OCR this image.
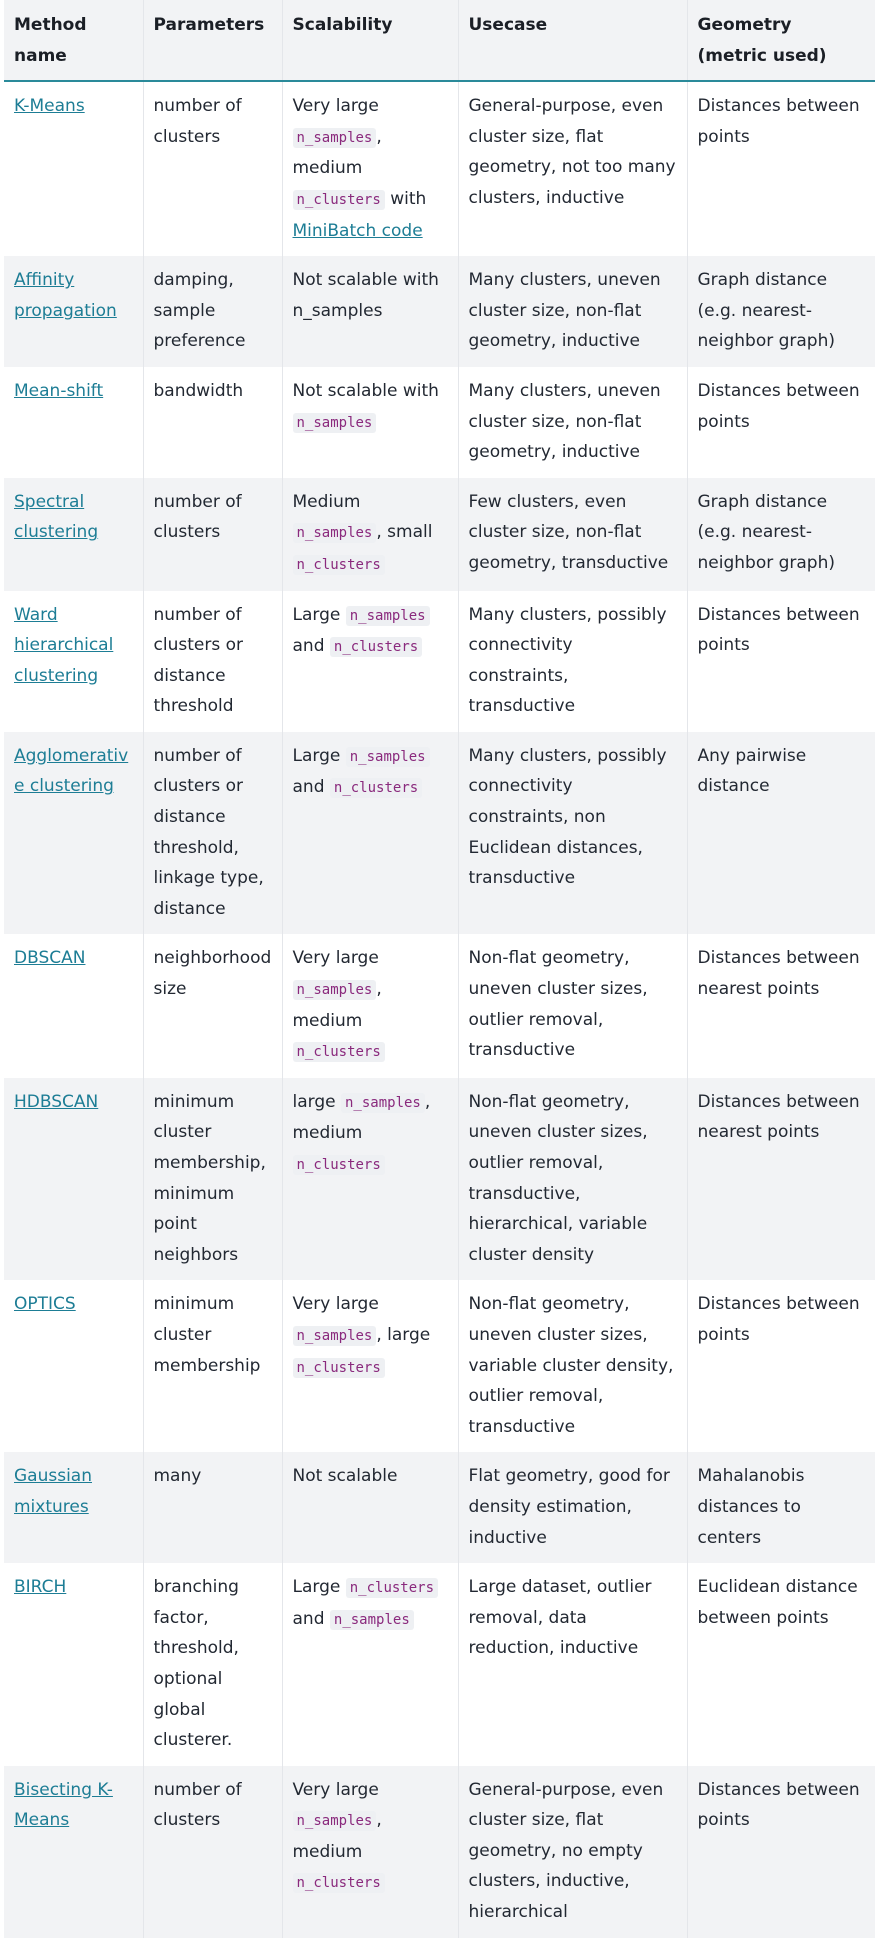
Method name	Parameters	Scalability	Usecase	Geometry (metric used)
K-Means	number of clusters	Very large n_samples , medium n_clusters with MiniBatch code	General-purpose, even cluster size, flat geometry, not too many clusters, inductive	Distances between points
Affinity propagation	damping, sample preference	Not scalable with n_samples	Many clusters, uneven cluster size, non-flat geometry, inductive	Graph distance (e.g. nearest-neighbor graph)
Mean-shift	bandwidth	Not scalable with n_samples	Many clusters, uneven cluster size, non-flat geometry, inductive	Distances between points
Spectral clustering	number of clusters	Medium n_samples , small n_clusters	Few clusters, even cluster size, non-flat geometry, transductive	Graph distance (e.g. nearest-neighbor graph)
Ward hierarchical clustering	number of clusters or distance threshold	Large n_samples and n_clusters	Many clusters, possibly connectivity constraints, transductive	Distances between points
Agglomerative clustering	number of clusters or distance threshold, linkage type, distance	Large n_samples and n_clusters	Many clusters, possibly connectivity constraints, non Euclidean distances, transductive	Any pairwise distance
DBSCAN	neighborhood size	Very large n_samples , medium n_clusters	Non-flat geometry, uneven cluster sizes, outlier removal, transductive	Distances between nearest points
HDBSCAN	minimum cluster membership, minimum point neighbors	large n_samples , medium n_clusters	Non-flat geometry, uneven cluster sizes, outlier removal, transductive, hierarchical, variable cluster density	Distances between nearest points
OPTICS	minimum cluster membership	Very large n_samples , large n_clusters	Non-flat geometry, uneven cluster sizes, variable cluster density, outlier removal, transductive	Distances between points
Gaussian mixtures	many	Not scalable	Flat geometry, good for density estimation, inductive	Mahalanobis distances to centers
BIRCH	branching factor, threshold, optional global clusterer.	Large n_clusters and n_samples	Large dataset, outlier removal, data reduction, inductive	Euclidean distance between points
Bisecting K-Means	number of clusters	Very large n_samples , medium n_clusters	General-purpose, even cluster size, flat geometry, no empty clusters, inductive, hierarchical	Distances between points
